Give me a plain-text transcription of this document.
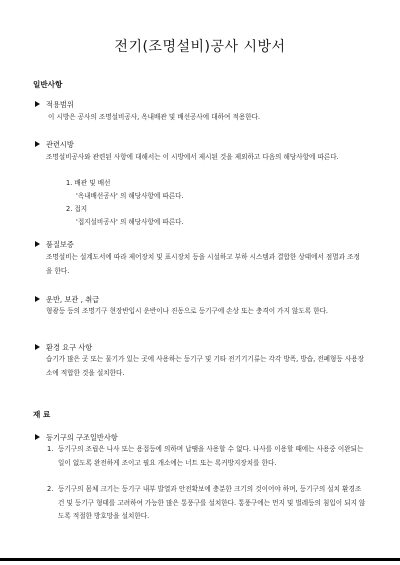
전기(조명설비)공사 시방서
일반사항
적용범위
이 시방은 공사의 조명설비공사, 옥내배관 및 배선공사에 대하여 적용한다.
관련시방
조명설비공사와 관련된 사항에 대해서는 이 시방에서 제시된 것을 제외하고 다음의 해당사항에 따른다.
1. 배관 및 배선
'옥내배선공사' 의 해당사항에 따른다.
2. 접지
'접지설비공사' 의 해당사항에 따른다.
품질보증
조명설비는 설계도서에 따라 제어장치 및 표시장치 등을 시설하고 부하 시스템과 결합한 상태에서 점멸과 조정을 한다.
운반, 보관 , 취급
형광등 등의 조명기구 현장반입시 운반이나 진동으로 등기구에 손상 또는 충격이 가지 않도록 한다.
환경 요구 사항
습기가 많은 곳 또는 물기가 있는 곳에 사용하는 등기구 및 기타 전기기기류는 각각 방폭, 방습, 전폐형등 사용장소에 적합한 것을 설치한다.
재 료
등기구의 구조일반사항
1. 등기구의 조립은 나사 또는 용접등에 의하며 납땜을 사용할 수 없다. 나사를 이용할 때에는 사용중 이완되는 일이 없도록 완전하게 조이고 필요 개소에는 너트 또는 록커방지장치를 한다.
2. 등기구의 몸체 크기는 등기구 내부 발열과 안전확보에 충분한 크기의 것이어야 하며, 등기구의 설치 환경조건 및 등기구 형태를 고려하여 가능한 많은 통풍구를 설치한다. 통풍구에는 먼지 및 벌레등의 침입이 되지 않도록 적절한 방호망을 설치한다.
